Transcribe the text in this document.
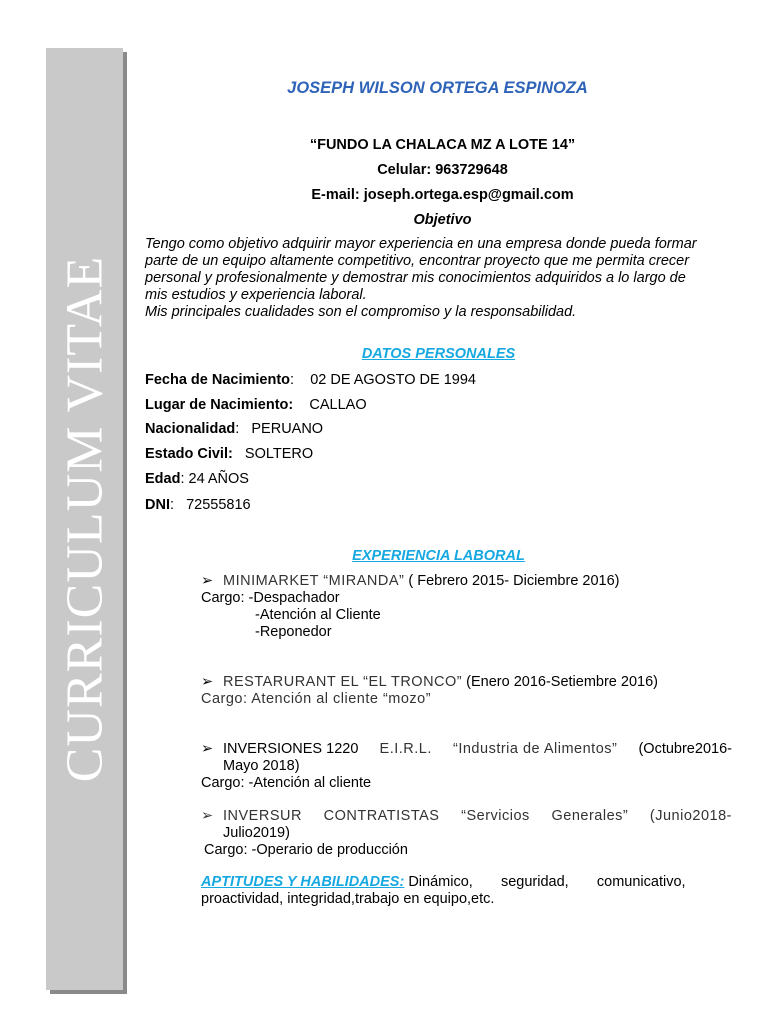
CURRICULUM VITAE
JOSEPH WILSON ORTEGA ESPINOZA
“FUNDO LA CHALACA MZ A LOTE 14”
Celular: 963729648
E-mail: joseph.ortega.esp@gmail.com
Objetivo
Tengo como objetivo adquirir mayor experiencia en una empresa donde pueda formar
parte de un equipo altamente competitivo, encontrar proyecto que me permita crecer
personal y profesionalmente y demostrar mis conocimientos adquiridos a lo largo de
mis estudios y experiencia laboral.
Mis principales cualidades son el compromiso y la responsabilidad.
DATOS PERSONALES
Fecha de Nacimiento:    02 DE AGOSTO DE 1994
Lugar de Nacimiento: CALLAO
Nacionalidad:   PERUANO
Estado Civil: SOLTERO
Edad: 24 AÑOS
DNI:   72555816
EXPERIENCIA LABORAL
➢ MINIMARKET “MIRANDA” ( Febrero 2015- Diciembre 2016)
Cargo: -Despachador
-Atención al Cliente
-Reponedor
➢ RESTARURANT EL “EL TRONCO” (Enero 2016-Setiembre 2016)
Cargo: Atención al cliente “mozo”
➢ INVERSIONES 1220 E.I.R.L. “Industria de Alimentos” (Octubre2016-
Mayo 2018)
Cargo: -Atención al cliente
➢ INVERSUR CONTRATISTAS “Servicios Generales” (Junio2018-
Julio2019)
Cargo: -Operario de producción
APTITUDES Y HABILIDADES: Dinámico,       seguridad,       comunicativo,
proactividad, integridad,trabajo en equipo,etc.
